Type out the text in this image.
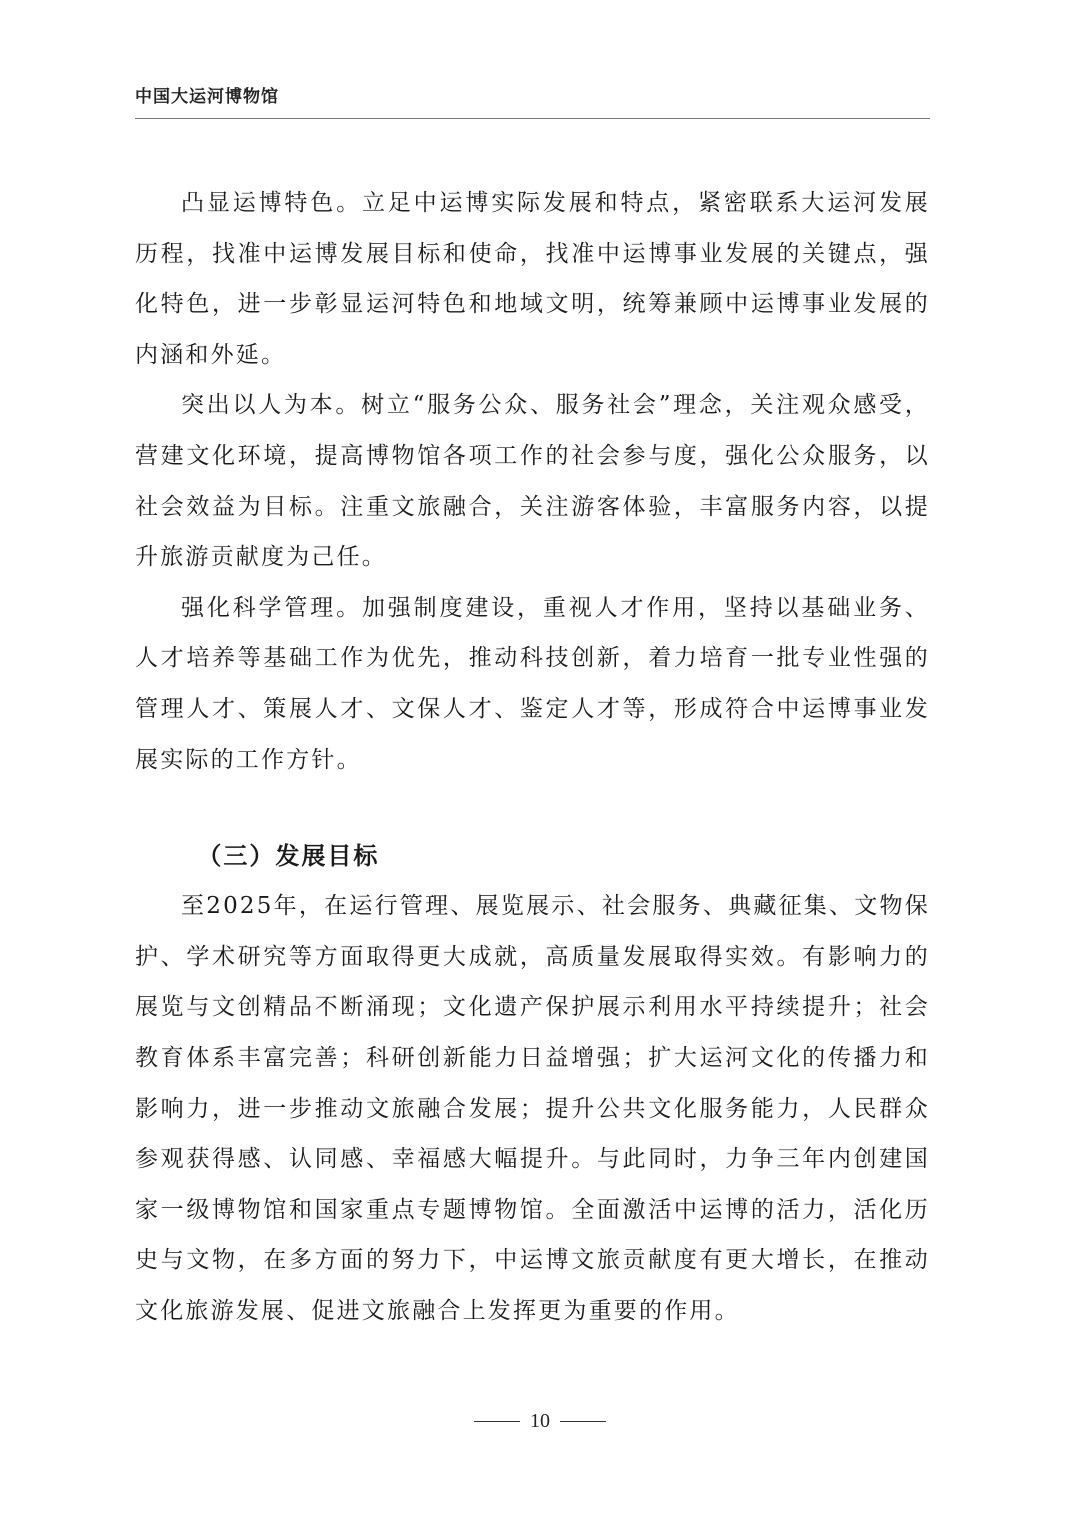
中国大运河博物馆

凸显运博特色。立足中运博实际发展和特点，紧密联系大运河发展历程，找准中运博发展目标和使命，找准中运博事业发展的关键点，强化特色，进一步彰显运河特色和地域文明，统筹兼顾中运博事业发展的内涵和外延。

突出以人为本。树立“服务公众、服务社会”理念，关注观众感受，营建文化环境，提高博物馆各项工作的社会参与度，强化公众服务，以社会效益为目标。注重文旅融合，关注游客体验，丰富服务内容，以提升旅游贡献度为己任。

强化科学管理。加强制度建设，重视人才作用，坚持以基础业务、人才培养等基础工作为优先，推动科技创新，着力培育一批专业性强的管理人才、策展人才、文保人才、鉴定人才等，形成符合中运博事业发展实际的工作方针。

（三）发展目标

至2025年，在运行管理、展览展示、社会服务、典藏征集、文物保护、学术研究等方面取得更大成就，高质量发展取得实效。有影响力的展览与文创精品不断涌现；文化遗产保护展示利用水平持续提升；社会教育体系丰富完善；科研创新能力日益增强；扩大运河文化的传播力和影响力，进一步推动文旅融合发展；提升公共文化服务能力，人民群众参观获得感、认同感、幸福感大幅提升。与此同时，力争三年内创建国家一级博物馆和国家重点专题博物馆。全面激活中运博的活力，活化历史与文物，在多方面的努力下，中运博文旅贡献度有更大增长，在推动文化旅游发展、促进文旅融合上发挥更为重要的作用。

10
